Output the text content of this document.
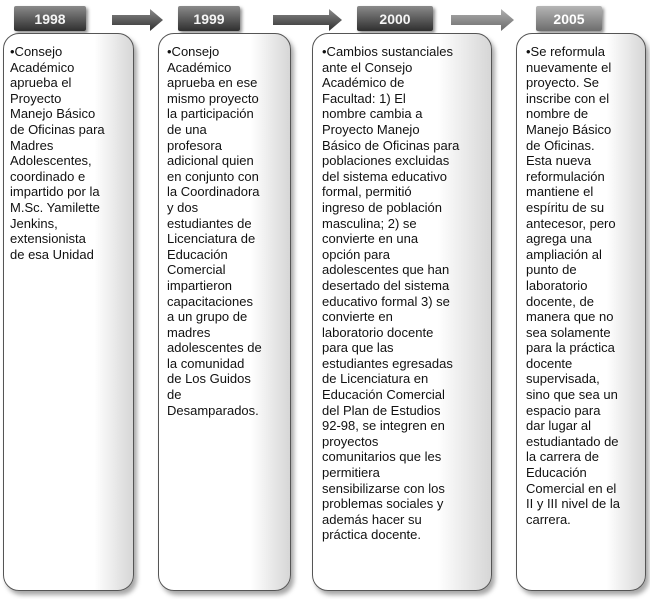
1998
•Consejo
Académico
aprueba el
Proyecto
Manejo Básico
de Oficinas para
Madres
Adolescentes,
coordinado e
impartido por la
M.Sc. Yamilette
Jenkins,
extensionista
de esa Unidad
1999
•Consejo
Académico
aprueba en ese
mismo proyecto
la participación
de una
profesora
adicional quien
en conjunto con
la Coordinadora
y dos
estudiantes de
Licenciatura de
Educación
Comercial
impartieron
capacitaciones
a un grupo de
madres
adolescentes de
la comunidad
de Los Guidos
de
Desamparados.
2000
•Cambios sustanciales
ante el Consejo
Académico de
Facultad: 1) El
nombre cambia a
Proyecto Manejo
Básico de Oficinas para
poblaciones excluidas
del sistema educativo
formal, permitió
ingreso de población
masculina; 2) se
convierte en una
opción para
adolescentes que han
desertado del sistema
educativo formal 3) se
convierte en
laboratorio docente
para que las
estudiantes egresadas
de Licenciatura en
Educación Comercial
del Plan de Estudios
92-98, se integren en
proyectos
comunitarios que les
permitiera
sensibilizarse con los
problemas sociales y
además hacer su
práctica docente.
2005
•Se reformula
nuevamente el
proyecto. Se
inscribe con el
nombre de
Manejo Básico
de Oficinas.
Esta nueva
reformulación
mantiene el
espíritu de su
antecesor, pero
agrega una
ampliación al
punto de
laboratorio
docente, de
manera que no
sea solamente
para la práctica
docente
supervisada,
sino que sea un
espacio para
dar lugar al
estudiantado de
la carrera de
Educación
Comercial en el
II y III nivel de la
carrera.
